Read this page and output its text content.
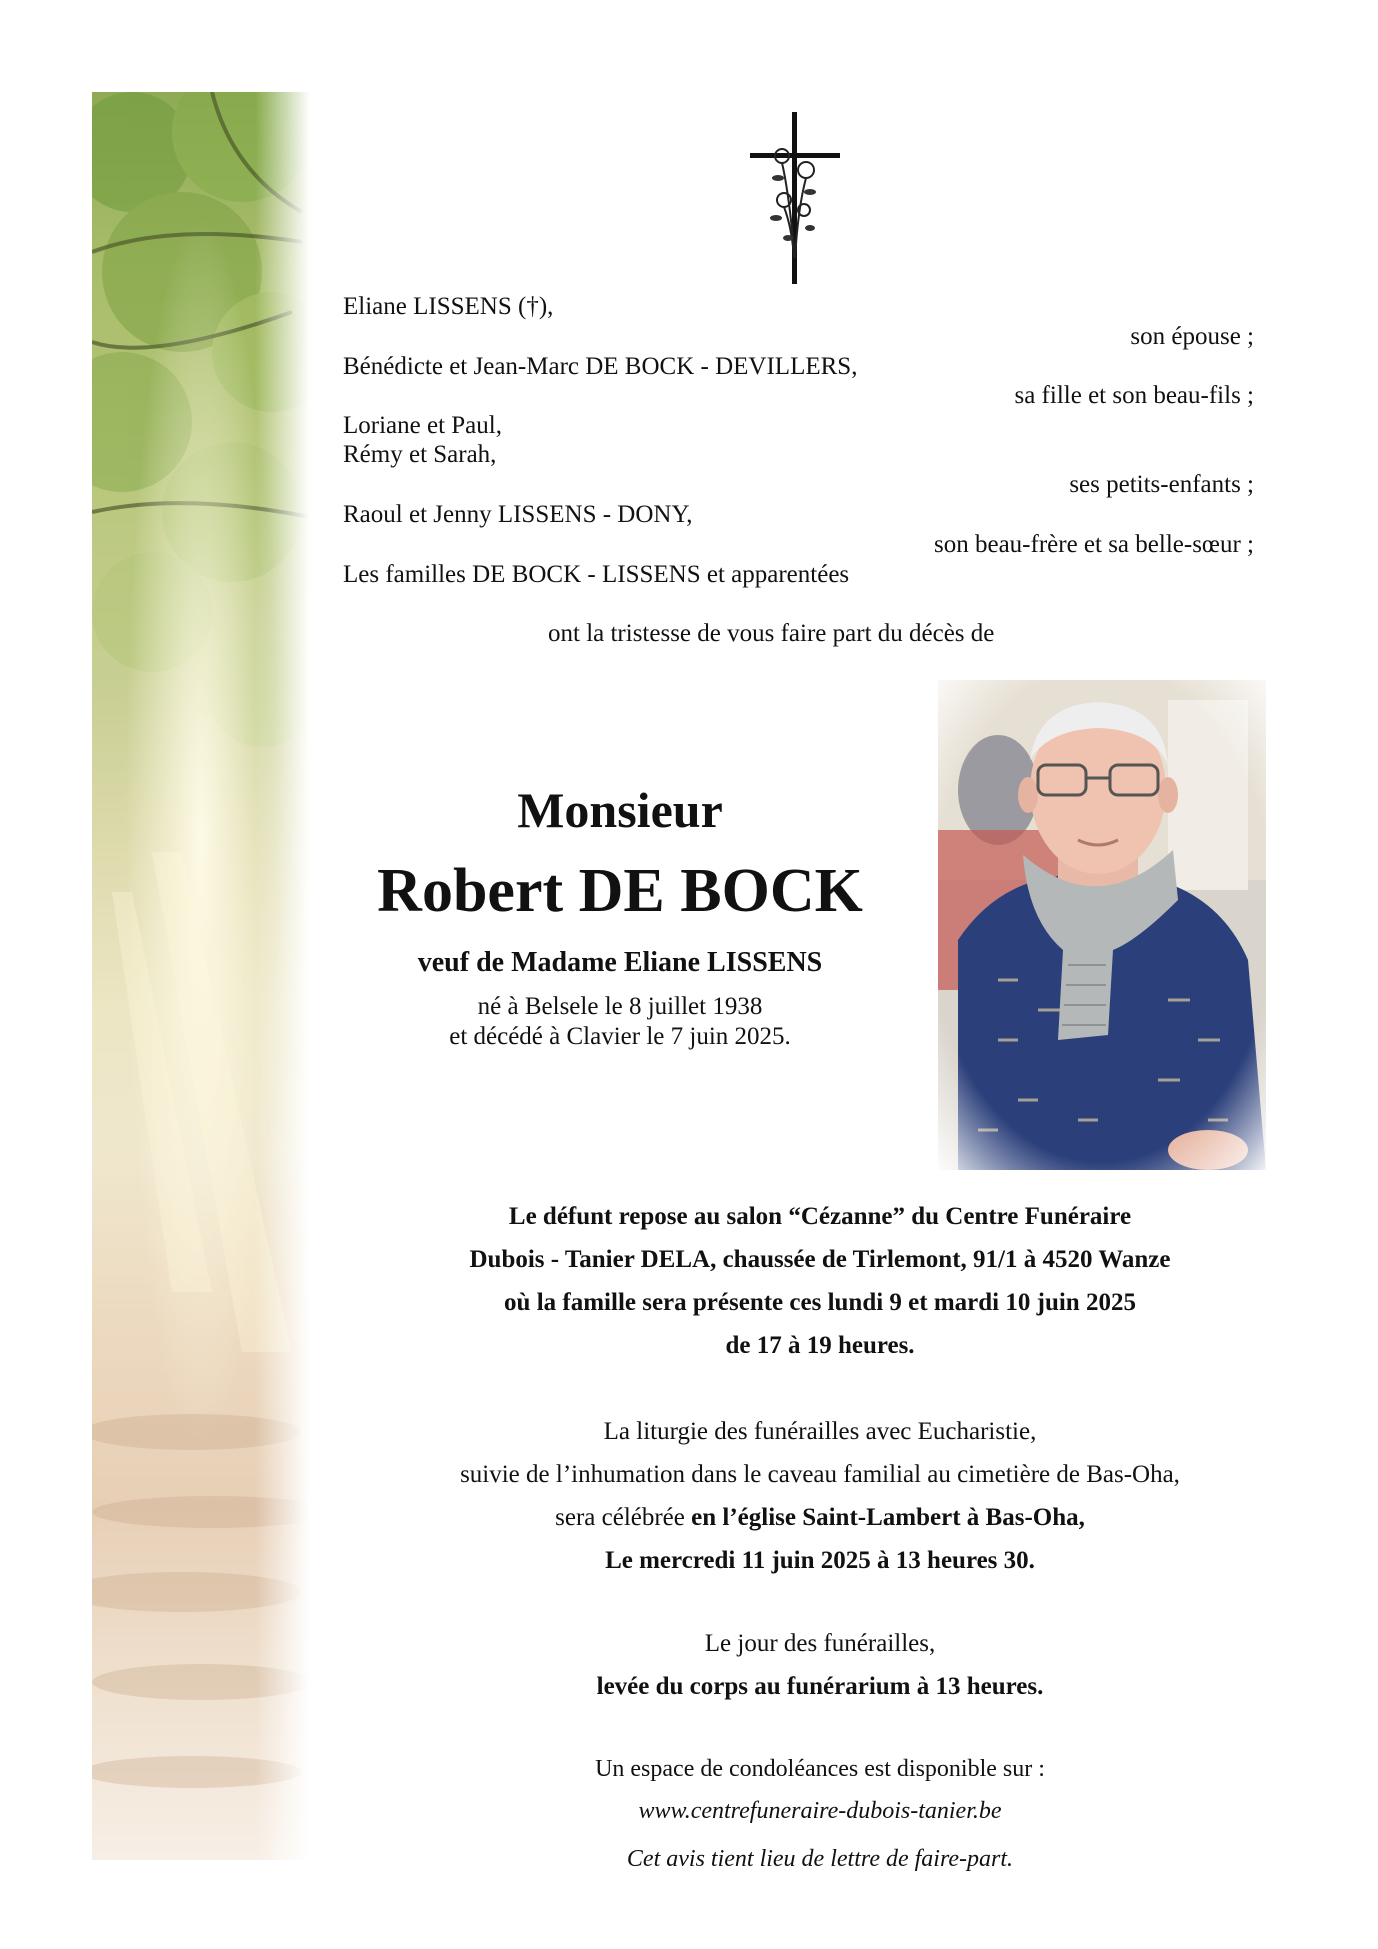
Eliane LISSENS (†),
son épouse ;
Bénédicte et Jean-Marc DE BOCK - DEVILLERS,
sa fille et son beau-fils ;
Loriane et Paul,
Rémy et Sarah,
ses petits-enfants ;
Raoul et Jenny LISSENS - DONY,
son beau-frère et sa belle-sœur ;
Les familles DE BOCK - LISSENS et apparentées
ont la tristesse de vous faire part du décès de
Monsieur
Robert DE BOCK
veuf de Madame Eliane LISSENS
né à Belsele le 8 juillet 1938
et décédé à Clavier le 7 juin 2025.
Le défunt repose au salon “Cézanne” du Centre Funéraire
Dubois - Tanier DELA, chaussée de Tirlemont, 91/1 à 4520 Wanze
où la famille sera présente ces lundi 9 et mardi 10 juin 2025
de 17 à 19 heures.
La liturgie des funérailles avec Eucharistie,
suivie de l’inhumation dans le caveau familial au cimetière de Bas-Oha,
sera célébrée en l’église Saint-Lambert à Bas-Oha,
Le mercredi 11 juin 2025 à 13 heures 30.
Le jour des funérailles,
levée du corps au funérarium à 13 heures.
Un espace de condoléances est disponible sur :
www.centrefuneraire-dubois-tanier.be
Cet avis tient lieu de lettre de faire-part.
